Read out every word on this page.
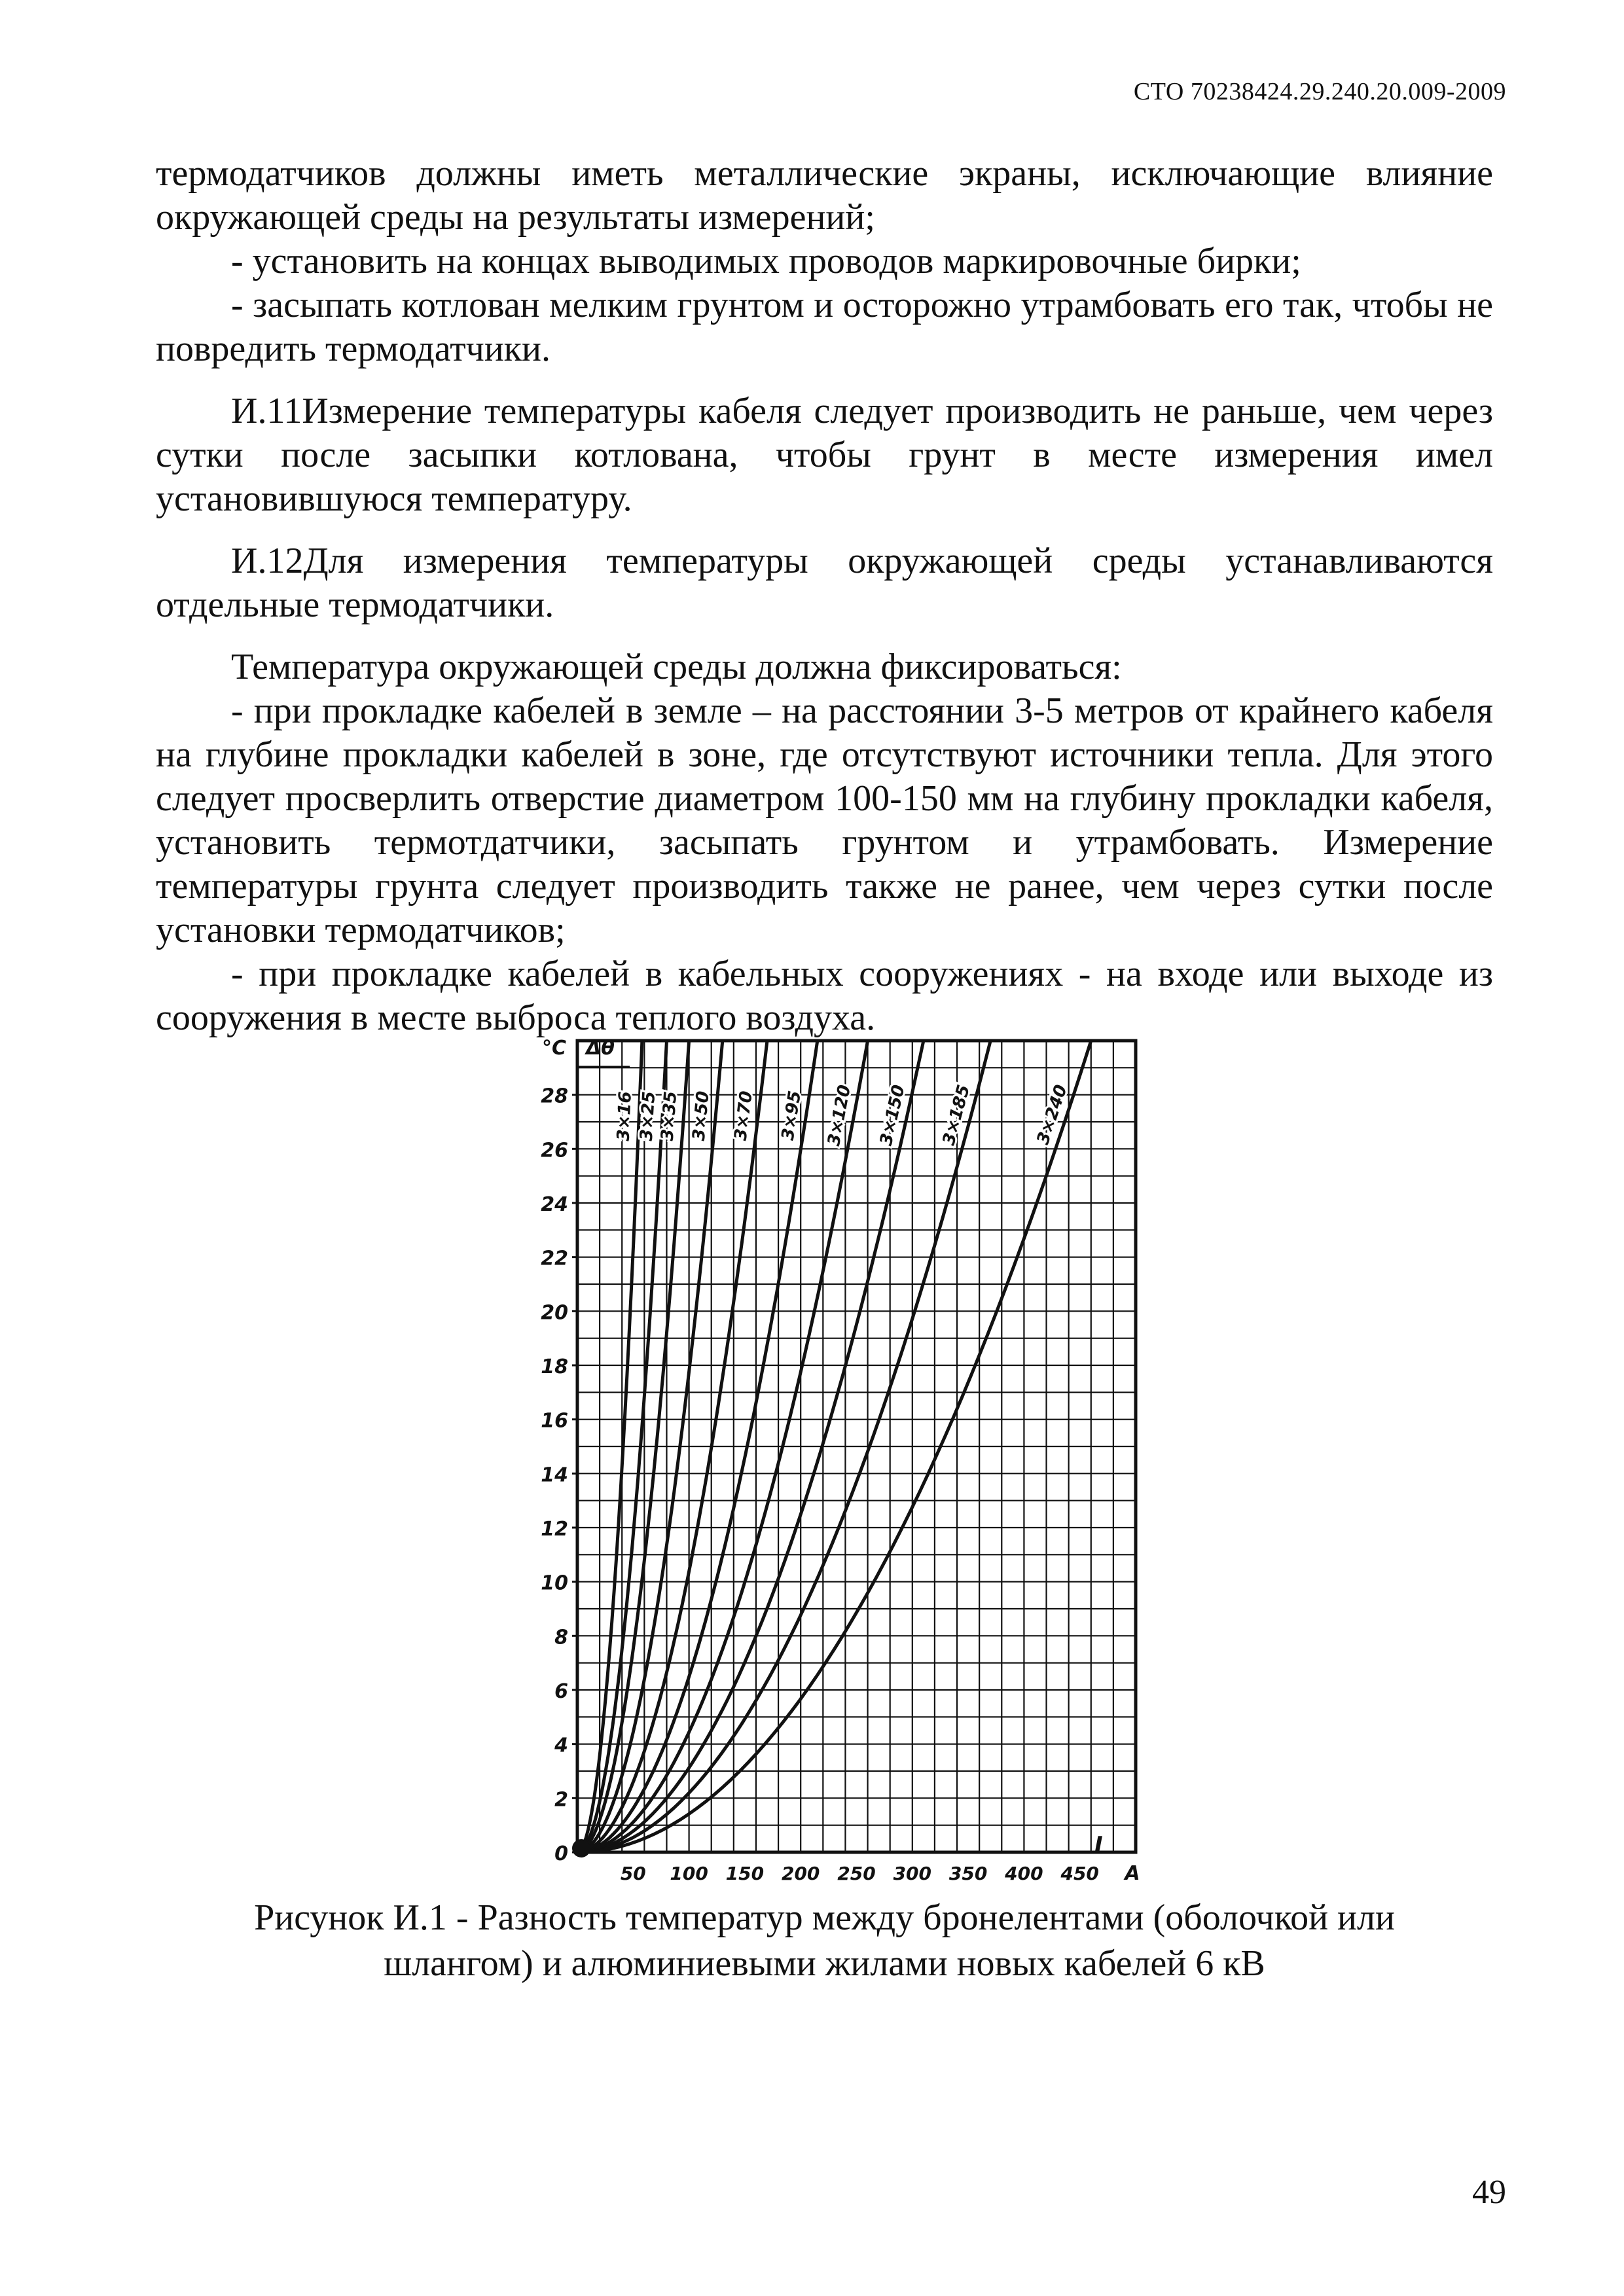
СТО 70238424.29.240.20.009-2009

термодатчиков должны иметь металлические экраны, исключающие влияние окружающей среды на результаты измерений;

- установить на концах выводимых проводов маркировочные бирки;

- засыпать котлован мелким грунтом и осторожно утрамбовать его так, чтобы не повредить термодатчики.

И.11Измерение температуры кабеля следует производить не раньше, чем через сутки после засыпки котлована, чтобы грунт в месте измерения имел установившуюся температуру.

И.12Для измерения температуры окружающей среды устанавливаются отдельные термодатчики.

Температура окружающей среды должна фиксироваться:

- при прокладке кабелей в земле – на расстоянии 3-5 метров от крайнего кабеля на глубине прокладки кабелей в зоне, где отсутствуют источники тепла. Для этого следует просверлить отверстие диаметром 100-150 мм на глубину прокладки кабеля, установить термотдатчики, засыпать грунтом и утрамбовать. Измерение температуры грунта следует производить также не ранее, чем через сутки после установки термодатчиков;

- при прокладке кабелей в кабельных сооружениях - на входе или выходе из сооружения в месте выброса теплого воздуха.

0
2
4
6
8
10
12
14
16
18
20
22
24
26
28
50 100 150 200 250 300 350 400 450 A
3×16 3×25
3×35 3×50 3×70 3×95 3×120 3×150 3×185	3×240
°C Δθ
I
Рисунок И.1 - Разность температур между бронелентами (оболочкой или
шлангом) и алюминиевыми жилами новых кабелей 6 кВ
49
